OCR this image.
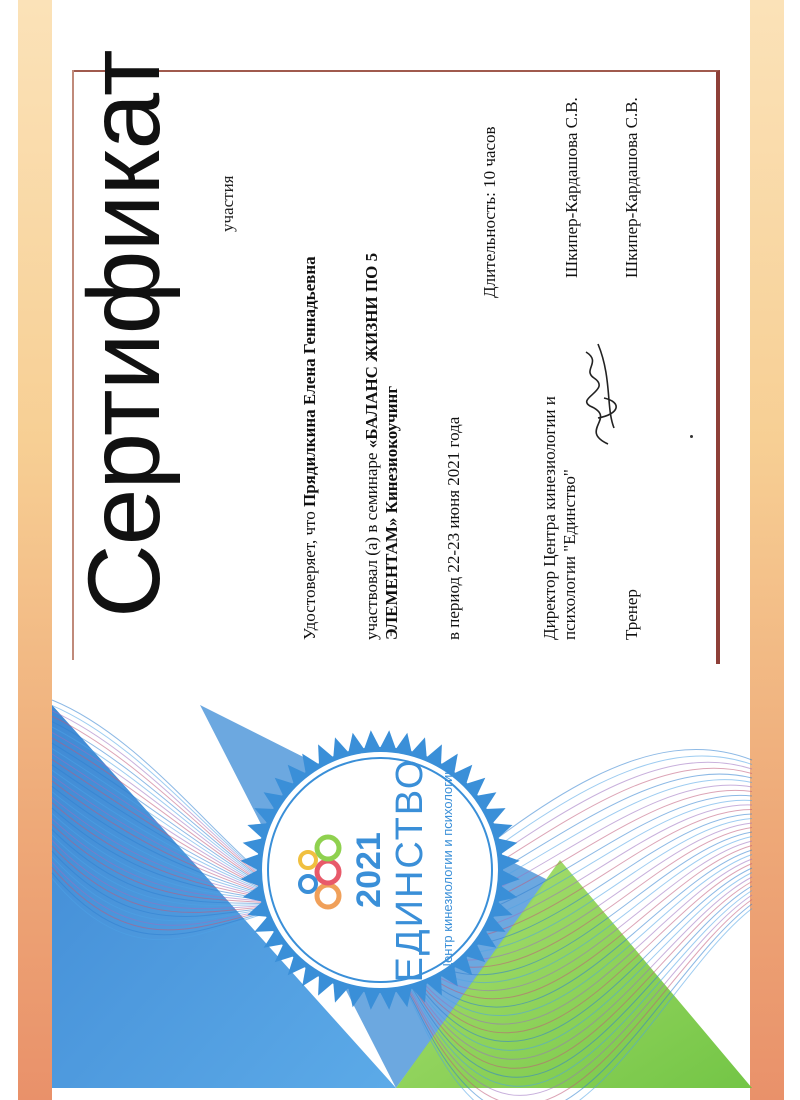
ЕДИНСТВО
2021	Центр кинезиологии и психологии
Сертификат участия
Удостоверяет, что Прядилкина Елена Геннадьевна
участвовал (а) в семинаре «БАЛАНС ЖИЗНИ ПО 5
ЭЛЕМЕНТАМ» Кинезиокоучинг	в период 22-23 июня 2021 года
Длительность: 10 часов
Директор Центра кинезиологии и психологии "Единство"
Шкипер-Кардашова С.В.
Тренер
Шкипер-Кардашова С.В.
